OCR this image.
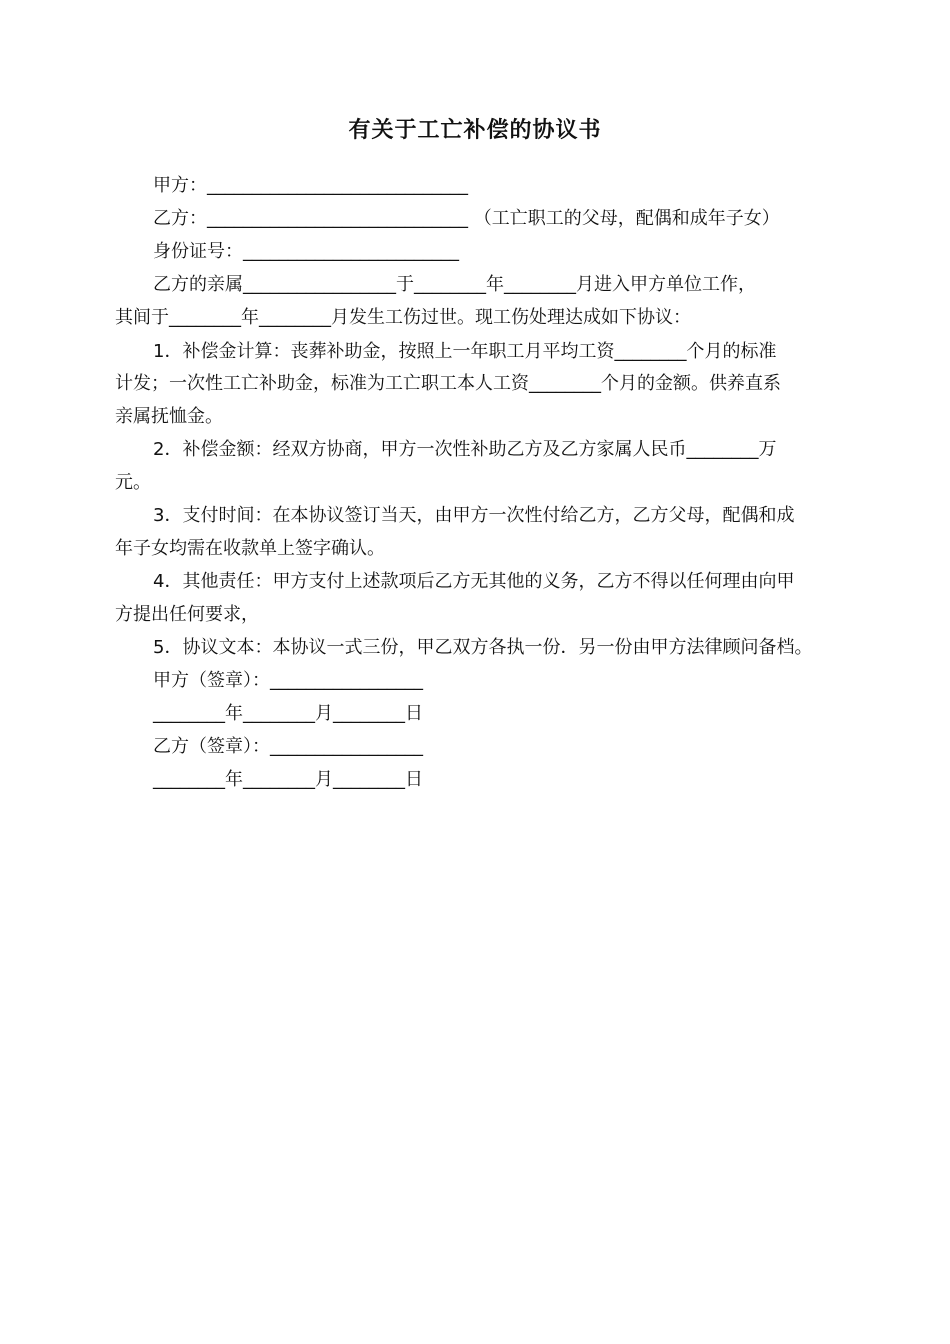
有关于工亡补偿的协议书
甲方：_____________________________
乙方：_____________________________ （工亡职工的父母，配偶和成年子女）
身份证号：________________________
乙方的亲属_________________于________年________月进入甲方单位工作，
其间于________年________月发生工伤过世。现工伤处理达成如下协议：
1．补偿金计算：丧葬补助金，按照上一年职工月平均工资________个月的标准
计发；一次性工亡补助金，标准为工亡职工本人工资________个月的金额。供养直系
亲属抚恤金。
2．补偿金额：经双方协商，甲方一次性补助乙方及乙方家属人民币________万
元。
3．支付时间：在本协议签订当天，由甲方一次性付给乙方，乙方父母，配偶和成
年子女均需在收款单上签字确认。
4．其他责任：甲方支付上述款项后乙方无其他的义务，乙方不得以任何理由向甲
方提出任何要求，
5．协议文本：本协议一式三份，甲乙双方各执一份．另一份由甲方法律顾问备档。
甲方（签章）：_________________
________年________月________日
乙方（签章）：_________________
________年________月________日
